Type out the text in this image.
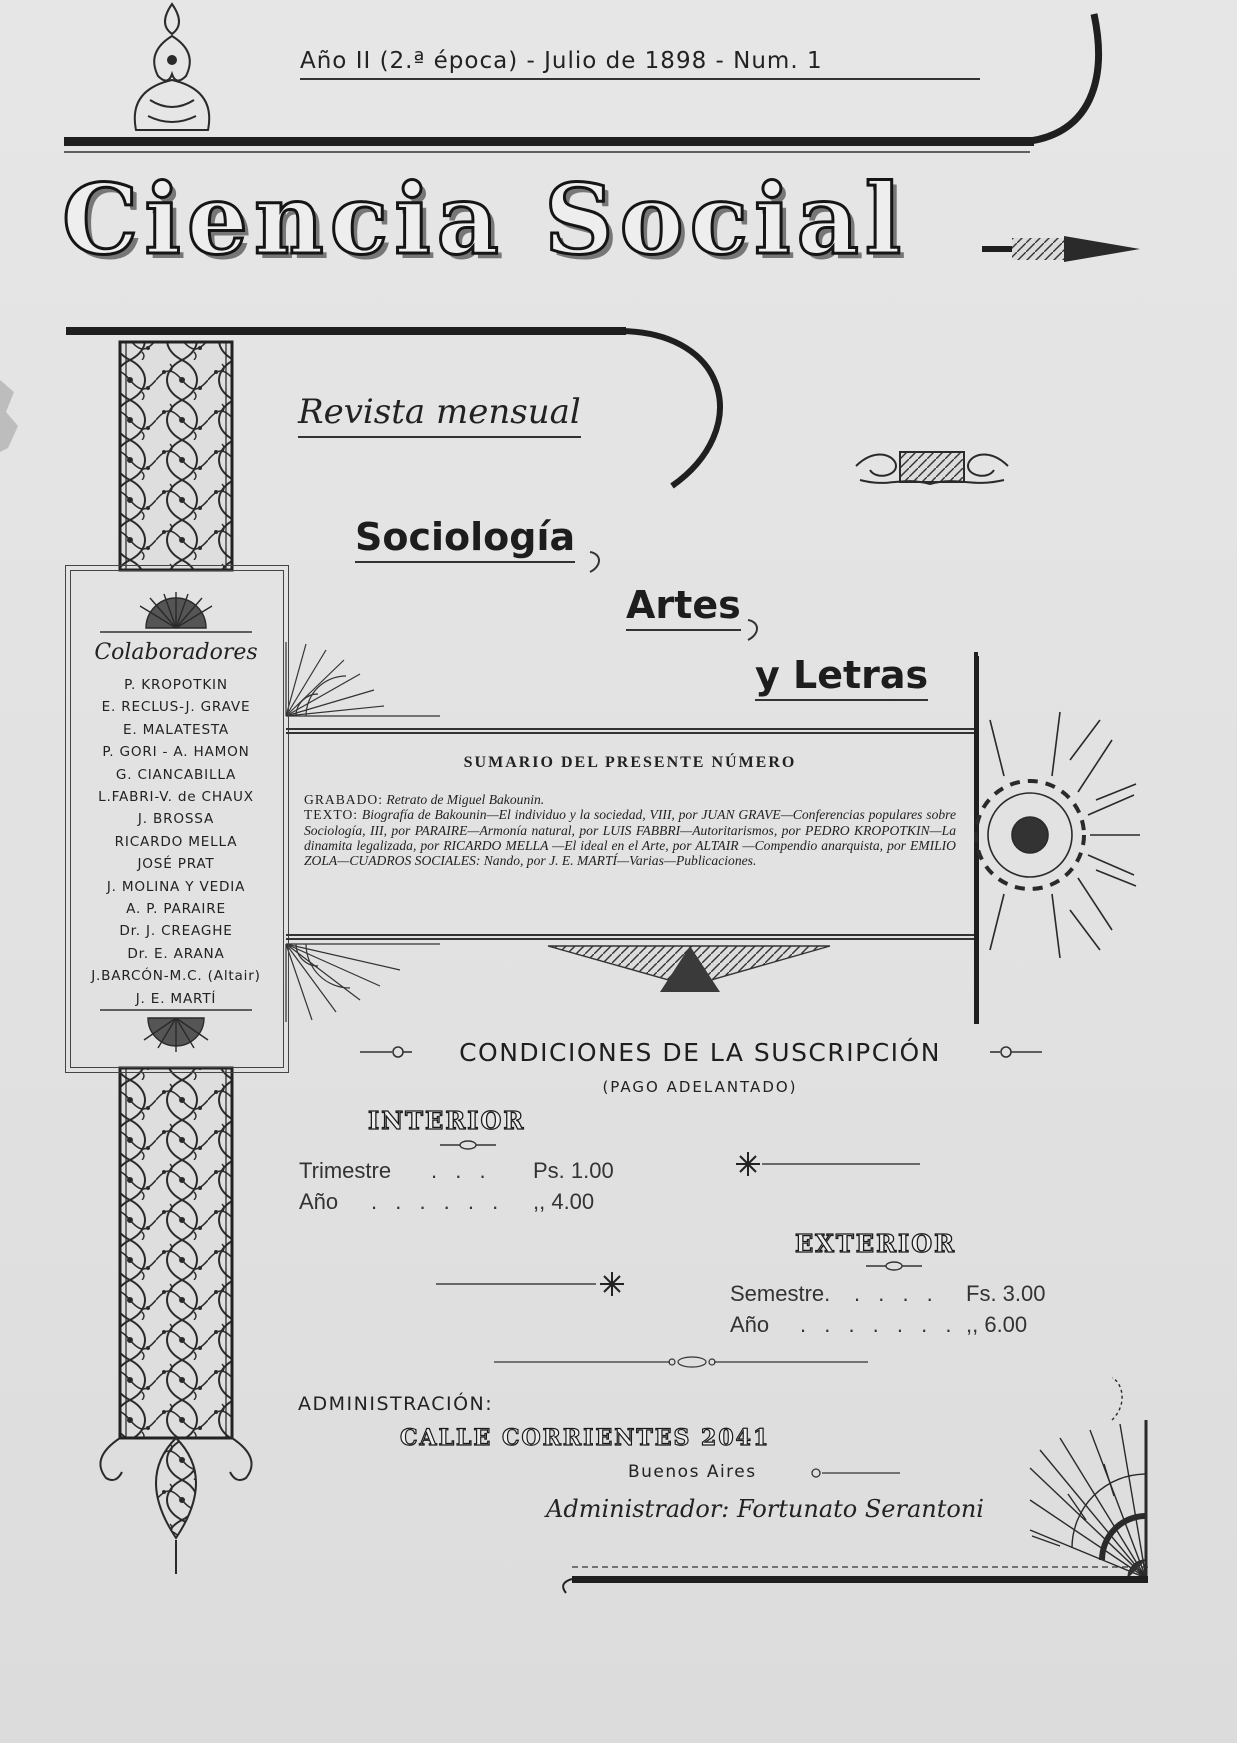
Año II (2.ª época) - Julio de 1898 - Num. 1
Ciencia Social
Revista mensual
Sociología
Artes
y Letras
Colaboradores
P. KROPOTKIN
E. RECLUS-J. GRAVE
E. MALATESTA
P. GORI - A. HAMON
G. CIANCABILLA
L.FABRI-V. de CHAUX
J. BROSSA
RICARDO MELLA
JOSÉ PRAT
J. MOLINA Y VEDIA
A. P. PARAIRE
Dr. J. CREAGHE
Dr. E. ARANA
J.BARCÓN-M.C. (Altair)
J. E. MARTÍ
SUMARIO DEL PRESENTE NÚMERO

GRABADO: Retrato de Miguel Bakounin.

TEXTO: Biografía de Bakounin—El individuo y la sociedad, VIII, por JUAN GRAVE—Conferencias populares sobre Sociología, III, por PARAIRE—Armonía natural, por LUIS FABBRI—Autoritarismos, por PEDRO KROPOTKIN—La dinamita legalizada, por RICARDO MELLA —El ideal en el Arte, por ALTAIR —Compendio anarquista, por EMILIO ZOLA—CUADROS SOCIALES: Nando, por J. E. MARTÍ—Varias—Publicaciones.

CONDICIONES DE LA SUSCRIPCIÓN
(PAGO ADELANTADO)
INTERIOR
Trimestre . . . Ps. 1.00
Año . . . . . . ,, 4.00
EXTERIOR
Semestre. . . . . Fs. 3.00
Año . . . . . . . ,, 6.00
ADMINISTRACIÓN:
CALLE CORRIENTES 2041
Buenos Aires
Administrador: Fortunato Serantoni
